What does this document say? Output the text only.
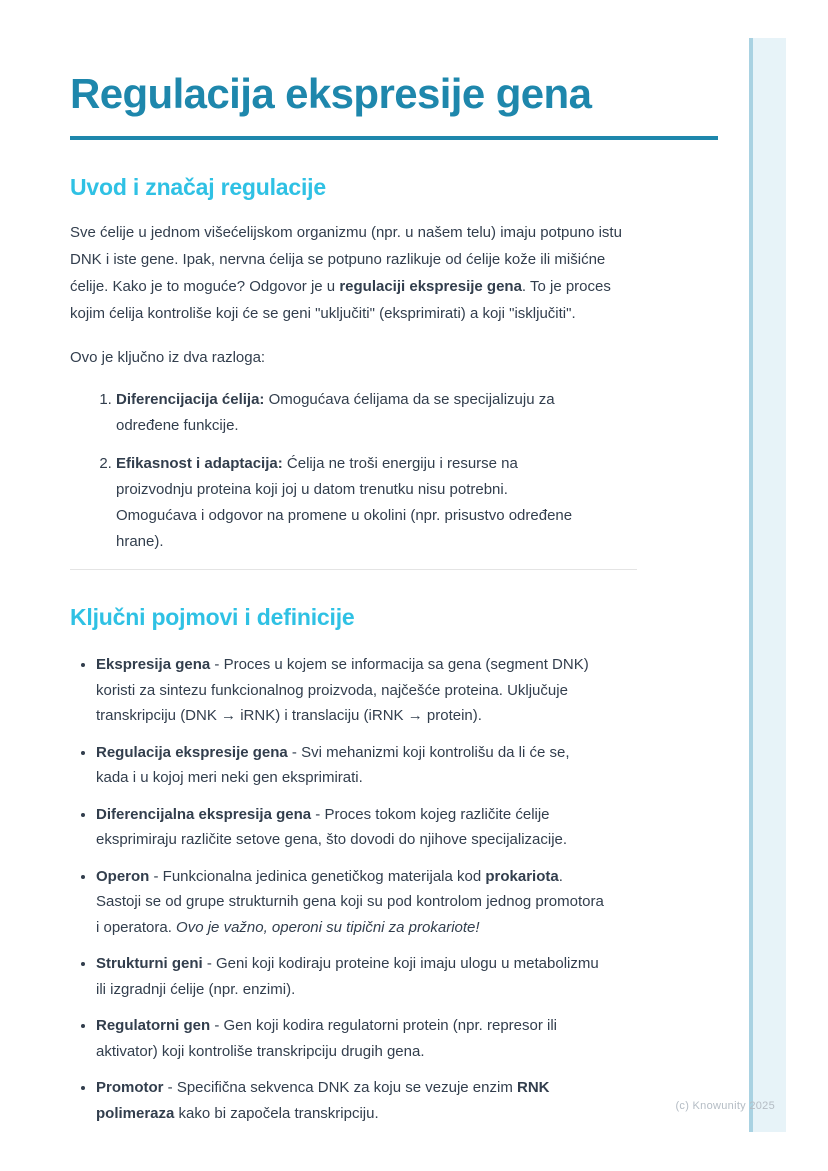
Regulacija ekspresije gena
Uvod i značaj regulacije

Sve ćelije u jednom višećelijskom organizmu (npr. u našem telu) imaju potpuno istu DNK i iste gene. Ipak, nervna ćelija se potpuno razlikuje od ćelije kože ili mišićne ćelije. Kako je to moguće? Odgovor je u regulaciji ekspresije gena. To je proces kojim ćelija kontroliše koji će se geni "uključiti" (eksprimirati) a koji "isključiti".

Ovo je ključno iz dva razloga:

1. Diferencijacija ćelija: Omogućava ćelijama da se specijalizuju za određene funkcije.
2. Efikasnost i adaptacija: Ćelija ne troši energiju i resurse na proizvodnju proteina koji joj u datom trenutku nisu potrebni. Omogućava i odgovor na promene u okolini (npr. prisustvo određene hrane).
Ključni pojmovi i definicije
• Ekspresija gena - Proces u kojem se informacija sa gena (segment DNK) koristi za sintezu funkcionalnog proizvoda, najčešće proteina. Uključuje transkripciju (DNK → iRNK) i translaciju (iRNK → protein).
• Regulacija ekspresije gena - Svi mehanizmi koji kontrolišu da li će se, kada i u kojoj meri neki gen eksprimirati.
• Diferencijalna ekspresija gena - Proces tokom kojeg različite ćelije eksprimiraju različite setove gena, što dovodi do njihove specijalizacije.
• Operon - Funkcionalna jedinica genetičkog materijala kod prokariota. Sastoji se od grupe strukturnih gena koji su pod kontrolom jednog promotora i operatora. Ovo je važno, operoni su tipični za prokariote!
• Strukturni geni - Geni koji kodiraju proteine koji imaju ulogu u metabolizmu ili izgradnji ćelije (npr. enzimi).
• Regulatorni gen - Gen koji kodira regulatorni protein (npr. represor ili aktivator) koji kontroliše transkripciju drugih gena.
• Promotor - Specifična sekvenca DNK za koju se vezuje enzim RNK polimeraza kako bi započela transkripciju.	(c) Knowunity 2025
